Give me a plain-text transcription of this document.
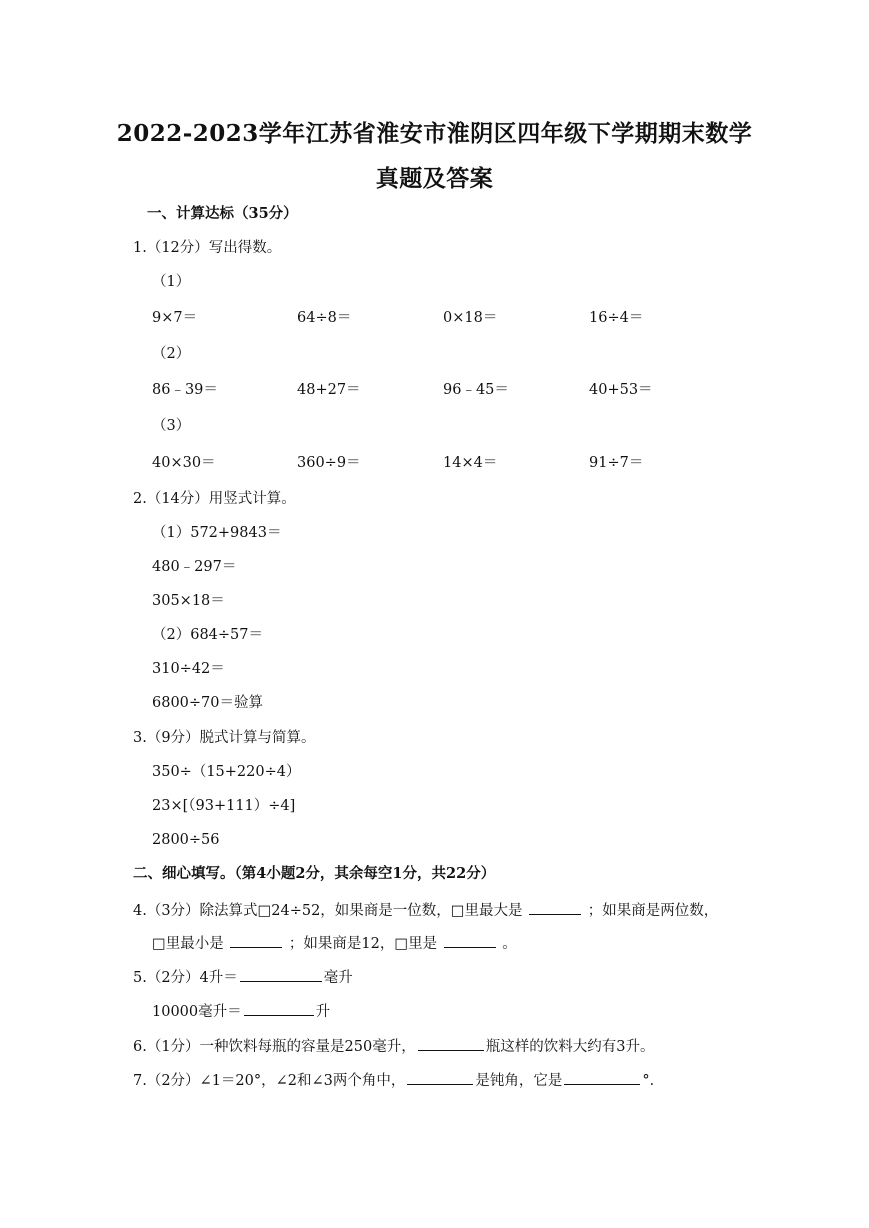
2022-2023学年江苏省淮安市淮阴区四年级下学期期末数学
真题及答案
一、计算达标（35分）
1.（12分）写出得数。
（1）
9×7＝	64÷8＝	0×18＝	16÷4＝
（2）
86﹣39＝	48+27＝	96﹣45＝	40+53＝
（3）
40×30＝	360÷9＝	14×4＝	91÷7＝
2.（14分）用竖式计算。
（1）572+9843＝
480﹣297＝
305×18＝
（2）684÷57＝
310÷42＝
6800÷70＝验算
3.（9分）脱式计算与简算。
350÷（15+220÷4）
23×[（93+111）÷4]
2800÷56
二、细心填写。（第4小题2分，其余每空1分，共22分）
4.（3分）除法算式□24÷52，如果商是一位数，□里最大是	；如果商是两位数，
□里最小是	；如果商是12，□里是	。
5.（2分）4升＝	毫升
10000毫升＝	升
6.（1分）一种饮料每瓶的容量是250毫升，	瓶这样的饮料大约有3升。
7.（2分）∠1＝20°，∠2和∠3两个角中，	是钝角，它是	°．
